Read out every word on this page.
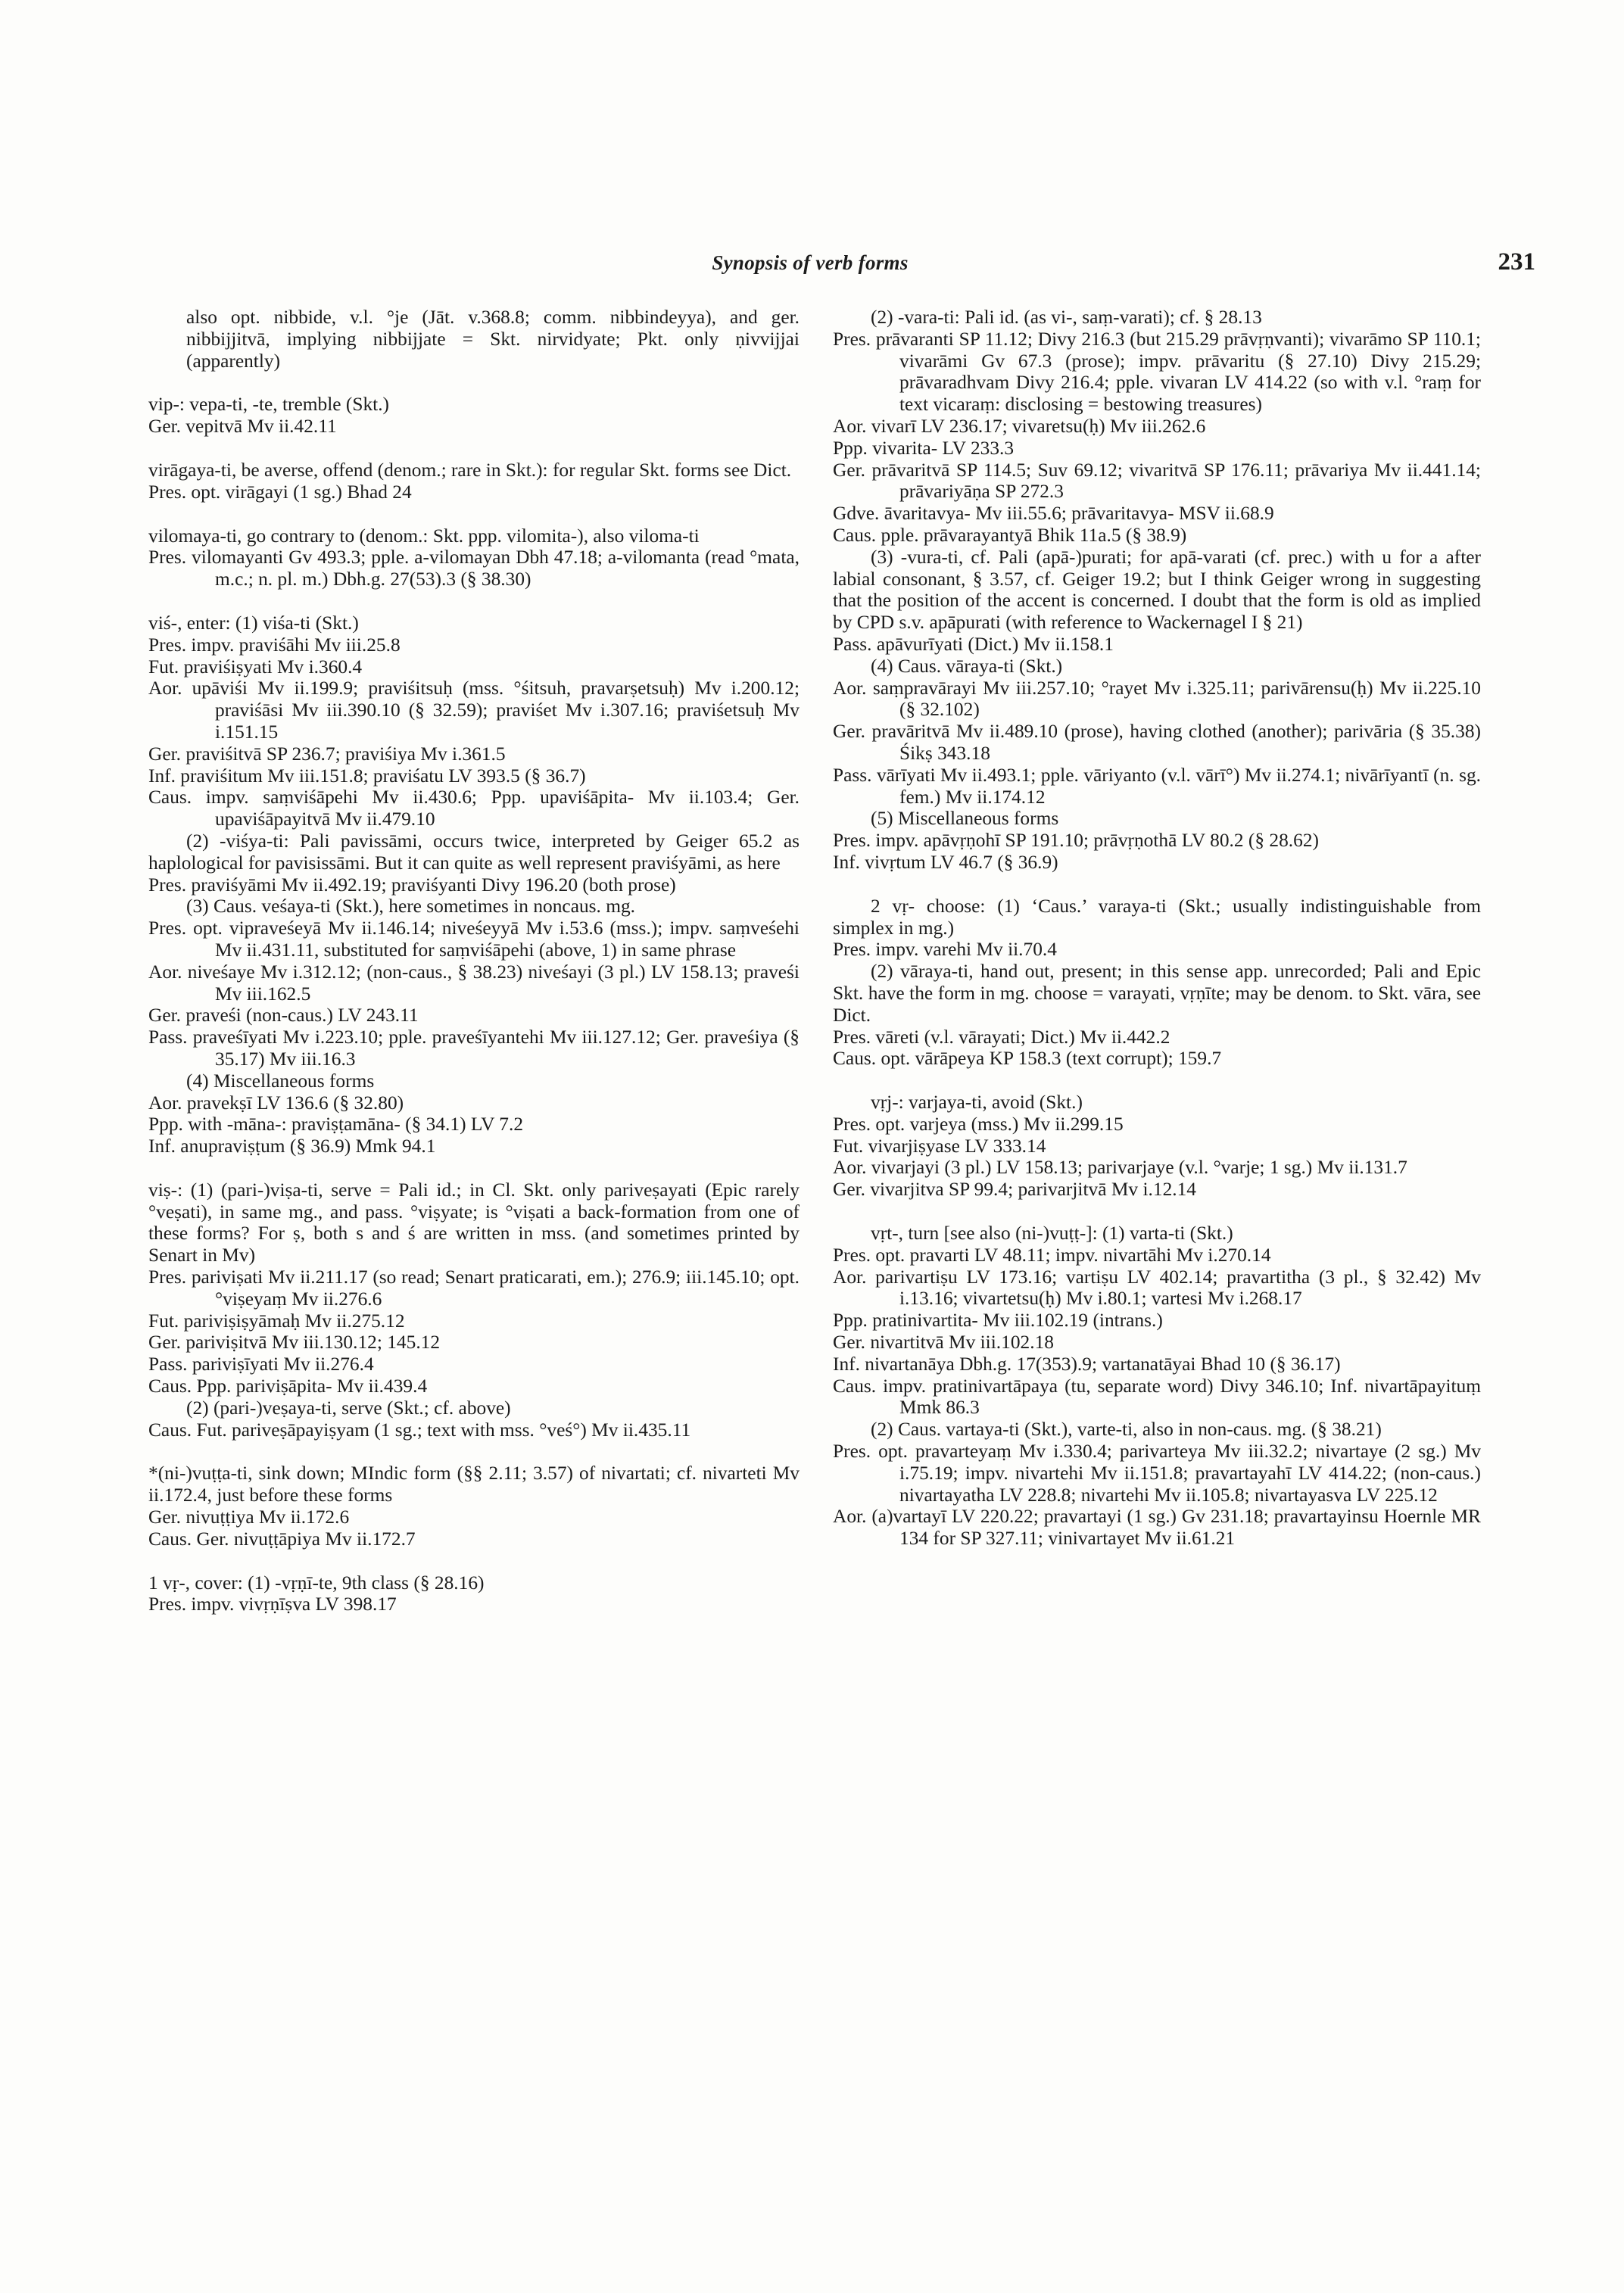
Synopsis of verb forms	231

also opt. nibbide, v.l. °je (Jāt. v.368.8; comm. nibbindeyya), and ger. nibbijjitvā, implying nibbijjate = Skt. nirvidyate; Pkt. only ṇivvijjai (apparently)

vip-: vepa-ti, -te, tremble (Skt.)

Ger. vepitvā Mv ii.42.11

virāgaya-ti, be averse, offend (denom.; rare in Skt.): for regular Skt. forms see Dict.

Pres. opt. virāgayi (1 sg.) Bhad 24

vilomaya-ti, go contrary to (denom.: Skt. ppp. vilomita-), also viloma-ti

Pres. vilomayanti Gv 493.3; pple. a-vilomayan Dbh 47.18; a-vilomanta (read °mata, m.c.; n. pl. m.) Dbh.g. 27(53).3 (§ 38.30)

viś-, enter: (1) viśa-ti (Skt.)

Pres. impv. praviśāhi Mv iii.25.8

Fut. praviśiṣyati Mv i.360.4

Aor. upāviśi Mv ii.199.9; praviśitsuḥ (mss. °śitsuh, pravarṣetsuḥ) Mv i.200.12; praviśāsi Mv iii.390.10 (§ 32.59); praviśet Mv i.307.16; praviśetsuḥ Mv i.151.15

Ger. praviśitvā SP 236.7; praviśiya Mv i.361.5

Inf. praviśitum Mv iii.151.8; praviśatu LV 393.5 (§ 36.7)

Caus. impv. saṃviśāpehi Mv ii.430.6; Ppp. upaviśāpita- Mv ii.103.4; Ger. upaviśāpayitvā Mv ii.479.10

(2) -viśya-ti: Pali pavissāmi, occurs twice, interpreted by Geiger 65.2 as haplological for pavisissāmi. But it can quite as well represent praviśyāmi, as here

Pres. praviśyāmi Mv ii.492.19; praviśyanti Divy 196.20 (both prose)

(3) Caus. veśaya-ti (Skt.), here sometimes in noncaus. mg.

Pres. opt. vipraveśeyā Mv ii.146.14; niveśeyyā Mv i.53.6 (mss.); impv. saṃveśehi Mv ii.431.11, substituted for saṃviśāpehi (above, 1) in same phrase

Aor. niveśaye Mv i.312.12; (non-caus., § 38.23) niveśayi (3 pl.) LV 158.13; praveśi Mv iii.162.5

Ger. praveśi (non-caus.) LV 243.11

Pass. praveśīyati Mv i.223.10; pple. praveśīyantehi Mv iii.127.12; Ger. praveśiya (§ 35.17) Mv iii.16.3

(4) Miscellaneous forms

Aor. pravekṣī LV 136.6 (§ 32.80)

Ppp. with -māna-: praviṣṭamāna- (§ 34.1) LV 7.2

Inf. anupraviṣṭum (§ 36.9) Mmk 94.1

viṣ-: (1) (pari-)viṣa-ti, serve = Pali id.; in Cl. Skt. only pariveṣayati (Epic rarely °veṣati), in same mg., and pass. °viṣyate; is °viṣati a back-formation from one of these forms? For ṣ, both s and ś are written in mss. (and sometimes printed by Senart in Mv)

Pres. pariviṣati Mv ii.211.17 (so read; Senart praticarati, em.); 276.9; iii.145.10; opt. °viṣeyaṃ Mv ii.276.6

Fut. pariviṣiṣyāmaḥ Mv ii.275.12

Ger. pariviṣitvā Mv iii.130.12; 145.12

Pass. pariviṣīyati Mv ii.276.4

Caus. Ppp. pariviṣāpita- Mv ii.439.4

(2) (pari-)veṣaya-ti, serve (Skt.; cf. above)

Caus. Fut. pariveṣāpayiṣyam (1 sg.; text with mss. °veś°) Mv ii.435.11

*(ni-)vuṭṭa-ti, sink down; MIndic form (§§ 2.11; 3.57) of nivartati; cf. nivarteti Mv ii.172.4, just before these forms

Ger. nivuṭṭiya Mv ii.172.6

Caus. Ger. nivuṭṭāpiya Mv ii.172.7

1 vṛ-, cover: (1) -vṛṇī-te, 9th class (§ 28.16)

Pres. impv. vivṛṇīṣva LV 398.17

(2) -vara-ti: Pali id. (as vi-, saṃ-varati); cf. § 28.13

Pres. prāvaranti SP 11.12; Divy 216.3 (but 215.29 prāvṛṇvanti); vivarāmo SP 110.1; vivarāmi Gv 67.3 (prose); impv. prāvaritu (§ 27.10) Divy 215.29; prāvaradhvam Divy 216.4; pple. vivaran LV 414.22 (so with v.l. °raṃ for text vicaraṃ: disclosing = bestowing treasures)

Aor. vivarī LV 236.17; vivaretsu(ḥ) Mv iii.262.6

Ppp. vivarita- LV 233.3

Ger. prāvaritvā SP 114.5; Suv 69.12; vivaritvā SP 176.11; prāvariya Mv ii.441.14; prāvariyāṇa SP 272.3

Gdve. āvaritavya- Mv iii.55.6; prāvaritavya- MSV ii.68.9

Caus. pple. prāvarayantyā Bhik 11a.5 (§ 38.9)

(3) -vura-ti, cf. Pali (apā-)purati; for apā-varati (cf. prec.) with u for a after labial consonant, § 3.57, cf. Geiger 19.2; but I think Geiger wrong in suggesting that the position of the accent is concerned. I doubt that the form is old as implied by CPD s.v. apāpurati (with reference to Wackernagel I § 21)

Pass. apāvurīyati (Dict.) Mv ii.158.1

(4) Caus. vāraya-ti (Skt.)

Aor. saṃpravārayi Mv iii.257.10; °rayet Mv i.325.11; parivārensu(ḥ) Mv ii.225.10 (§ 32.102)

Ger. pravāritvā Mv ii.489.10 (prose), having clothed (another); parivāria (§ 35.38) Śikṣ 343.18

Pass. vārīyati Mv ii.493.1; pple. vāriyanto (v.l. vārī°) Mv ii.274.1; nivārīyantī (n. sg. fem.) Mv ii.174.12

(5) Miscellaneous forms

Pres. impv. apāvṛṇohī SP 191.10; prāvṛṇothā LV 80.2 (§ 28.62)

Inf. vivṛtum LV 46.7 (§ 36.9)

2 vṛ- choose: (1) ‘Caus.’ varaya-ti (Skt.; usually indistinguishable from simplex in mg.)

Pres. impv. varehi Mv ii.70.4

(2) vāraya-ti, hand out, present; in this sense app. unrecorded; Pali and Epic Skt. have the form in mg. choose = varayati, vṛṇīte; may be denom. to Skt. vāra, see Dict.

Pres. vāreti (v.l. vārayati; Dict.) Mv ii.442.2

Caus. opt. vārāpeya KP 158.3 (text corrupt); 159.7

vṛj-: varjaya-ti, avoid (Skt.)

Pres. opt. varjeya (mss.) Mv ii.299.15

Fut. vivarjiṣyase LV 333.14

Aor. vivarjayi (3 pl.) LV 158.13; parivarjaye (v.l. °varje; 1 sg.) Mv ii.131.7

Ger. vivarjitva SP 99.4; parivarjitvā Mv i.12.14

vṛt-, turn [see also (ni-)vuṭṭ-]: (1) varta-ti (Skt.)

Pres. opt. pravarti LV 48.11; impv. nivartāhi Mv i.270.14

Aor. parivartiṣu LV 173.16; vartiṣu LV 402.14; pravartitha (3 pl., § 32.42) Mv i.13.16; vivartetsu(ḥ) Mv i.80.1; vartesi Mv i.268.17

Ppp. pratinivartita- Mv iii.102.19 (intrans.)

Ger. nivartitvā Mv iii.102.18

Inf. nivartanāya Dbh.g. 17(353).9; vartanatāyai Bhad 10 (§ 36.17)

Caus. impv. pratinivartāpaya (tu, separate word) Divy 346.10; Inf. nivartāpayituṃ Mmk 86.3

(2) Caus. vartaya-ti (Skt.), varte-ti, also in non-caus. mg. (§ 38.21)

Pres. opt. pravarteyaṃ Mv i.330.4; parivarteya Mv iii.32.2; nivartaye (2 sg.) Mv i.75.19; impv. nivartehi Mv ii.151.8; pravartayahī LV 414.22; (non-caus.) nivartayatha LV 228.8; nivartehi Mv ii.105.8; nivartayasva LV 225.12

Aor. (a)vartayī LV 220.22; pravartayi (1 sg.) Gv 231.18; pravartayinsu Hoernle MR 134 for SP 327.11; vinivartayet Mv ii.61.21
